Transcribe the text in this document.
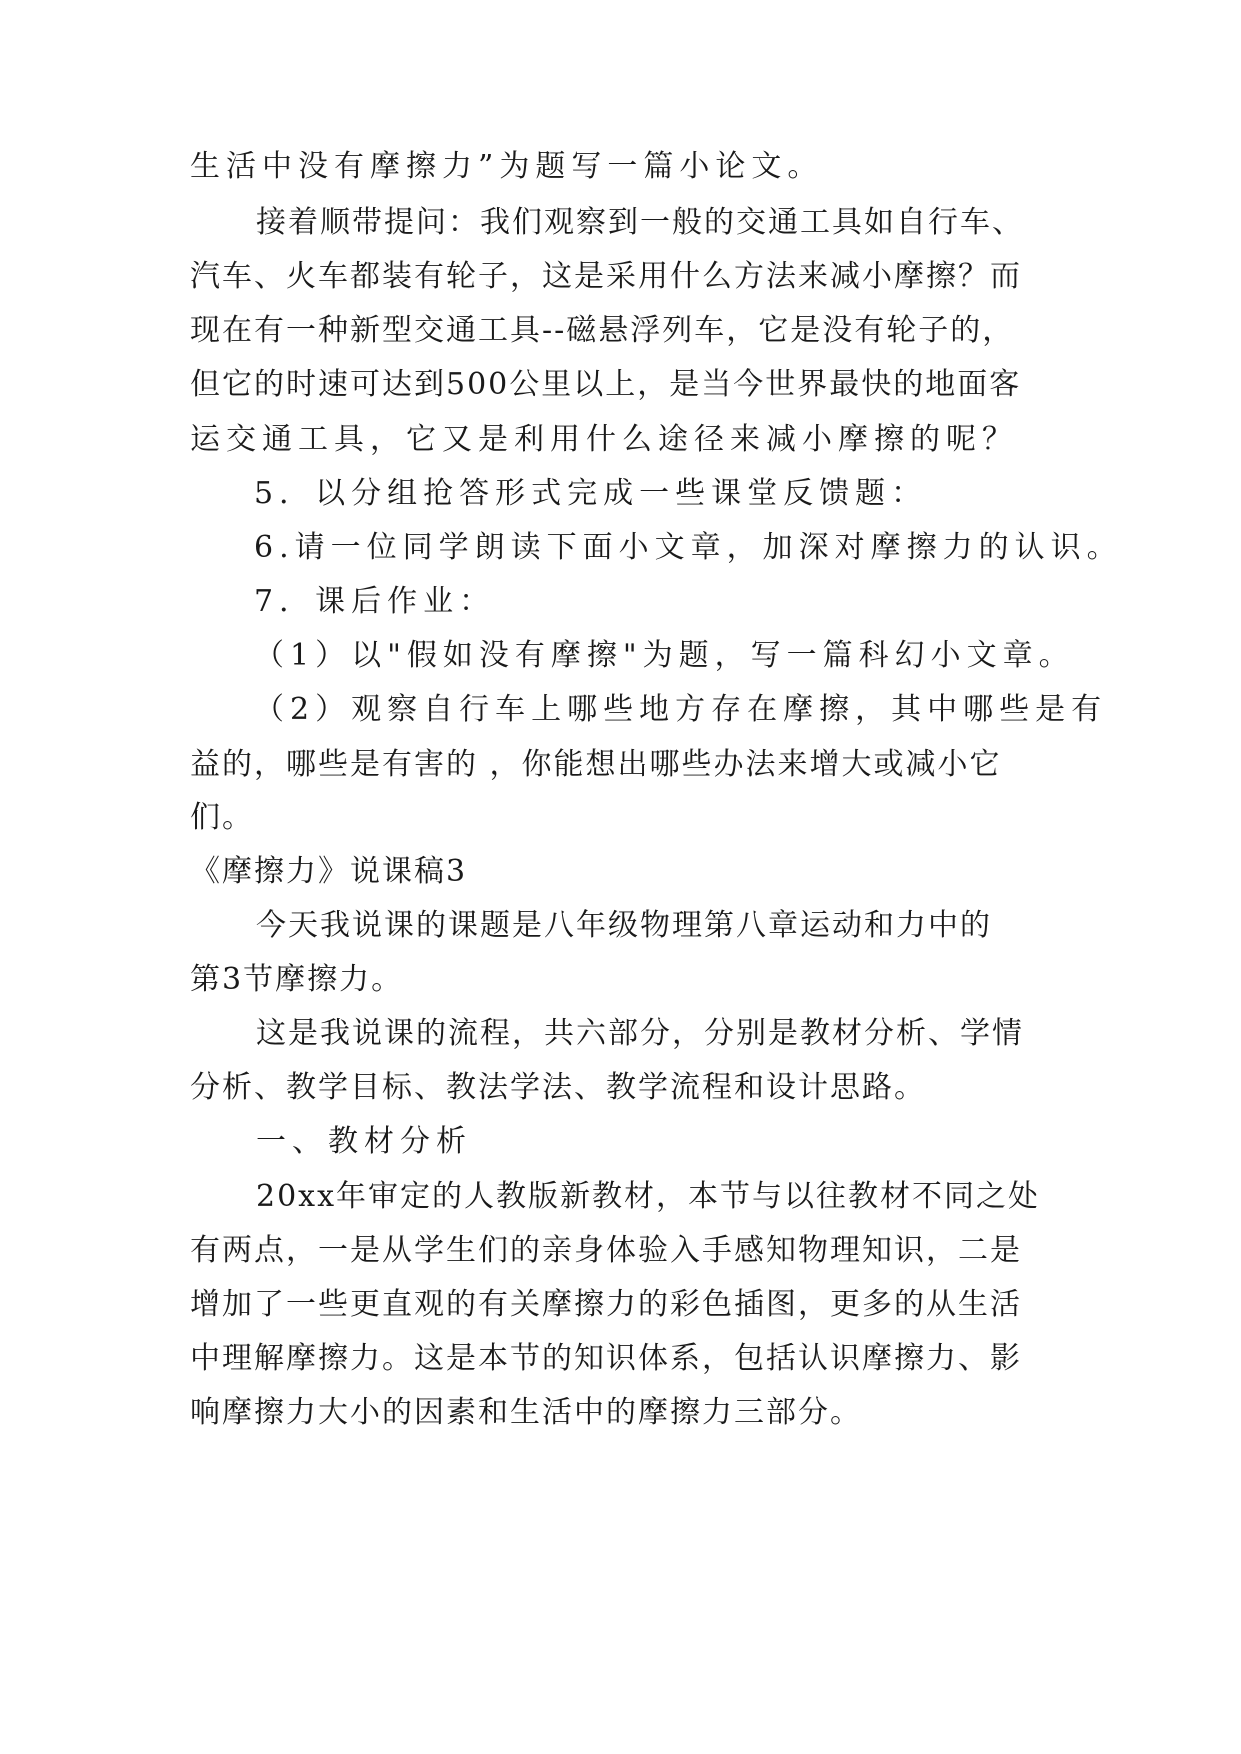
生活中没有摩擦力”为题写一篇小论文。
接着顺带提问：我们观察到一般的交通工具如自行车、
汽车、火车都装有轮子，这是采用什么方法来减小摩擦？而
现在有一种新型交通工具--磁悬浮列车，它是没有轮子的，
但它的时速可达到500公里以上，是当今世界最快的地面客
运交通工具，它又是利用什么途径来减小摩擦的呢？
5．以分组抢答形式完成一些课堂反馈题：
6.请一位同学朗读下面小文章，加深对摩擦力的认识。
7．课后作业：
（1）以"假如没有摩擦"为题，写一篇科幻小文章。
（2）观察自行车上哪些地方存在摩擦，其中哪些是有
益的，哪些是有害的 ，你能想出哪些办法来增大或减小它
们。
《摩擦力》说课稿3
今天我说课的课题是八年级物理第八章运动和力中的
第3节摩擦力。
这是我说课的流程，共六部分，分别是教材分析、学情
分析、教学目标、教法学法、教学流程和设计思路。
一、教材分析
20xx年审定的人教版新教材，本节与以往教材不同之处
有两点，一是从学生们的亲身体验入手感知物理知识，二是
增加了一些更直观的有关摩擦力的彩色插图，更多的从生活
中理解摩擦力。这是本节的知识体系，包括认识摩擦力、影
响摩擦力大小的因素和生活中的摩擦力三部分。
